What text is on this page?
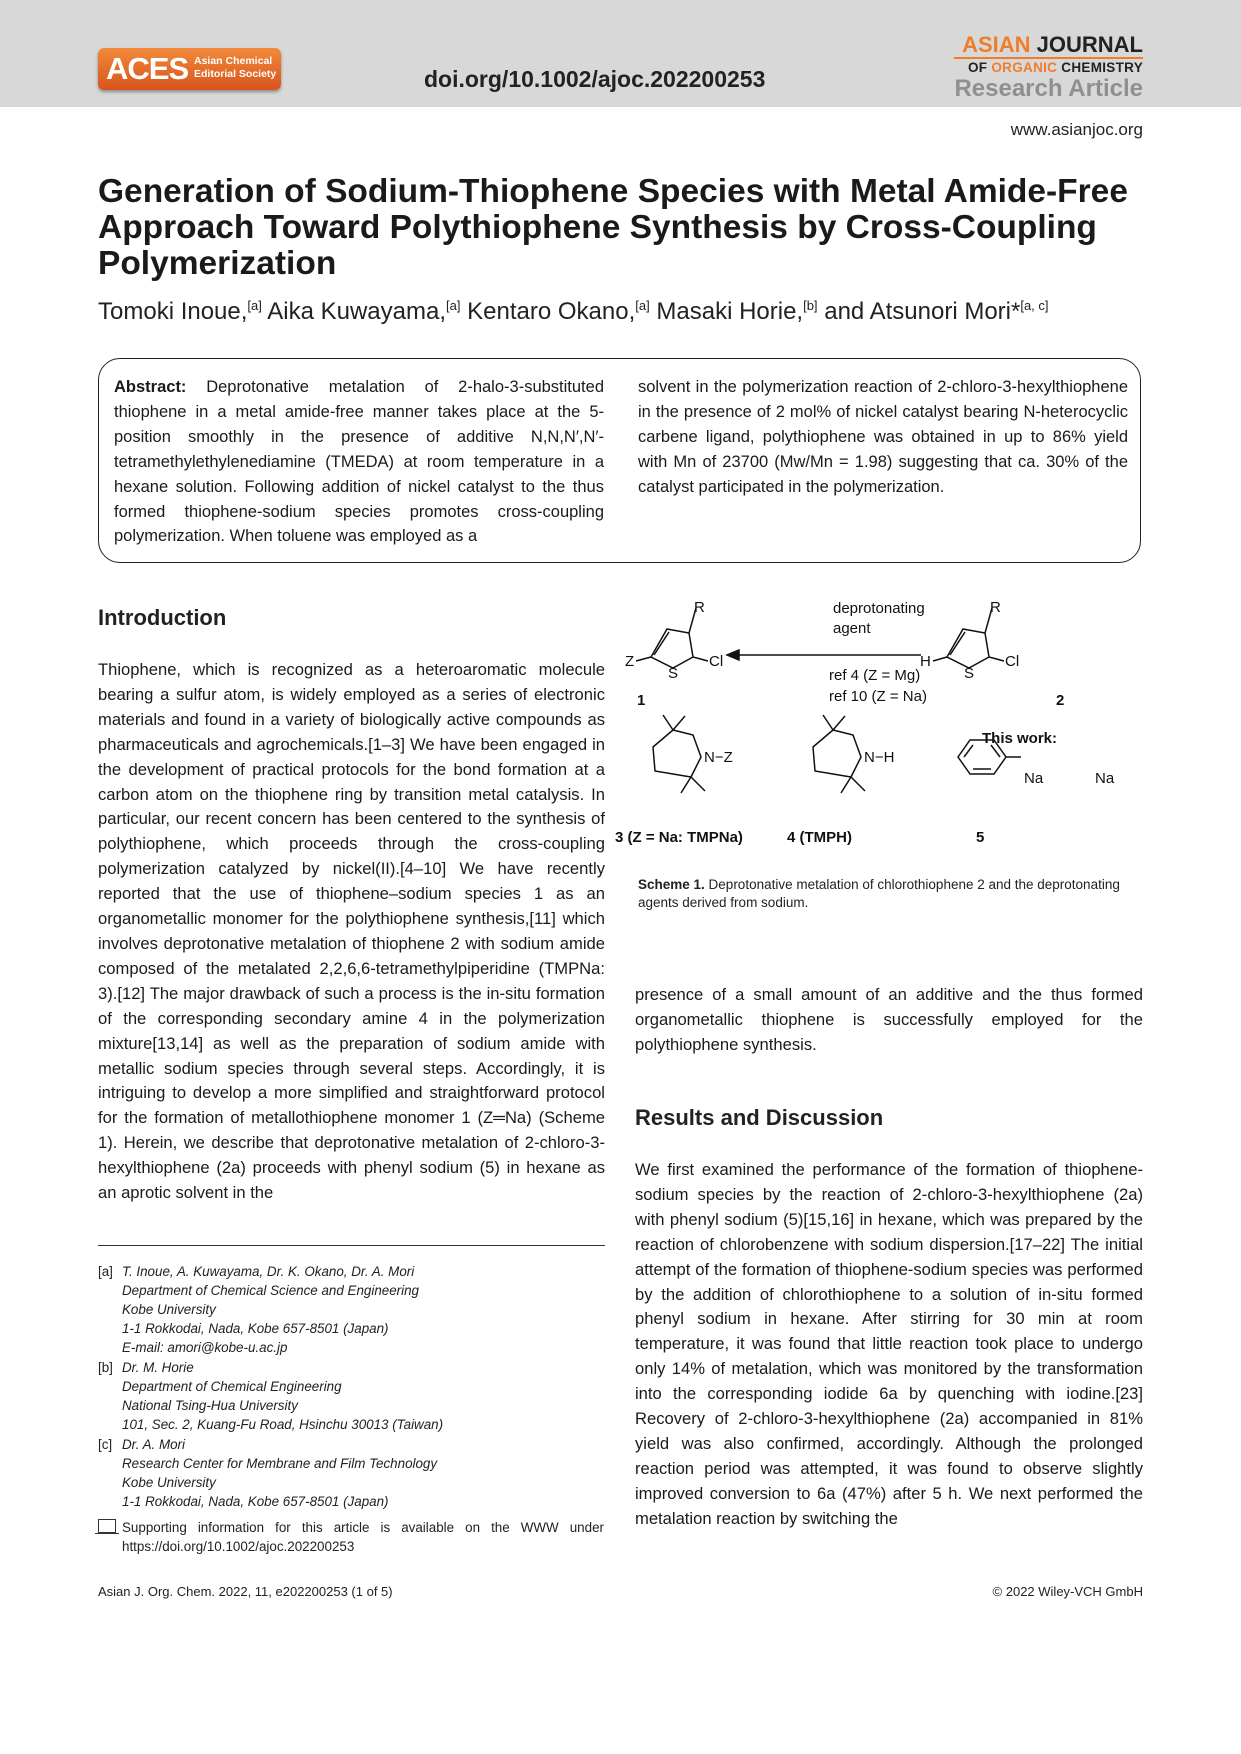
ACES Asian Chemical
Editorial Society	doi.org/10.1002/ajoc.202200253
ASIAN JOURNAL
OF ORGANIC CHEMISTRY
Research Article
www.asianjoc.org
Generation of Sodium-Thiophene Species with Metal Amide-Free Approach Toward Polythiophene Synthesis by Cross-Coupling Polymerization
Tomoki Inoue,[a] Aika Kuwayama,[a] Kentaro Okano,[a] Masaki Horie,[b] and Atsunori Mori*[a, c]

Abstract: Deprotonative metalation of 2-halo-3-substituted thiophene in a metal amide-free manner takes place at the 5-position smoothly in the presence of additive N,N,N′,N′-tetramethylethylenediamine (TMEDA) at room temperature in a hexane solution. Following addition of nickel catalyst to the thus formed thiophene-sodium species promotes cross-coupling polymerization. When toluene was employed as a

solvent in the polymerization reaction of 2-chloro-3-hexylthiophene in the presence of 2 mol% of nickel catalyst bearing N-heterocyclic carbene ligand, polythiophene was obtained in up to 86% yield with Mn of 23700 (Mw/Mn = 1.98) suggesting that ca. 30% of the catalyst participated in the polymerization.

Introduction

Thiophene, which is recognized as a heteroaromatic molecule bearing a sulfur atom, is widely employed as a series of electronic materials and found in a variety of biologically active compounds as pharmaceuticals and agrochemicals.[1–3] We have been engaged in the development of practical protocols for the bond formation at a carbon atom on the thiophene ring by transition metal catalysis. In particular, our recent concern has been centered to the synthesis of polythiophene, which proceeds through the cross-coupling polymerization catalyzed by nickel(II).[4–10] We have recently reported that the use of thiophene–sodium species 1 as an organometallic monomer for the polythiophene synthesis,[11] which involves deprotonative metalation of thiophene 2 with sodium amide composed of the metalated 2,2,6,6-tetramethylpiperidine (TMPNa: 3).[12] The major drawback of such a process is the in-situ formation of the corresponding secondary amine 4 in the polymerization mixture[13,14] as well as the preparation of sodium amide with metallic sodium species through several steps. Accordingly, it is intriguing to develop a more simplified and straightforward protocol for the formation of metallothiophene monomer 1 (Z═Na) (Scheme 1). Herein, we describe that deprotonative metalation of 2-chloro-3-hexylthiophene (2a) proceeds with phenyl sodium (5) in hexane as an aprotic solvent in the

R
Z
S
Cl
R
H
S
Cl
deprotonating
agent
ref 4 (Z = Mg)
ref 10 (Z = Na)
1	2
This work:
N−Z	N−H
Na	Na
3 (Z = Na: TMPNa)	4 (TMPH)	5

Scheme 1. Deprotonative metalation of chlorothiophene 2 and the deprotonating agents derived from sodium.

presence of a small amount of an additive and the thus formed organometallic thiophene is successfully employed for the polythiophene synthesis.

Results and Discussion

We first examined the performance of the formation of thiophene-sodium species by the reaction of 2-chloro-3-hexylthiophene (2a) with phenyl sodium (5)[15,16] in hexane, which was prepared by the reaction of chlorobenzene with sodium dispersion.[17–22] The initial attempt of the formation of thiophene-sodium species was performed by the addition of chlorothiophene to a solution of in-situ formed phenyl sodium in hexane. After stirring for 30 min at room temperature, it was found that little reaction took place to undergo only 14% of metalation, which was monitored by the transformation into the corresponding iodide 6a by quenching with iodine.[23] Recovery of 2-chloro-3-hexylthiophene (2a) accompanied in 81% yield was also confirmed, accordingly. Although the prolonged reaction period was attempted, it was found to observe slightly improved conversion to 6a (47%) after 5 h. We next performed the metalation reaction by switching the

[a] T. Inoue, A. Kuwayama, Dr. K. Okano, Dr. A. Mori
Department of Chemical Science and Engineering
Kobe University
1-1 Rokkodai, Nada, Kobe 657-8501 (Japan)
E-mail: amori@kobe-u.ac.jp
[b] Dr. M. Horie
Department of Chemical Engineering
National Tsing-Hua University
101, Sec. 2, Kuang-Fu Road, Hsinchu 30013 (Taiwan)
[c] Dr. A. Mori
Research Center for Membrane and Film Technology
Kobe University
1-1 Rokkodai, Nada, Kobe 657-8501 (Japan)
Supporting information for this article is available on the WWW under https://doi.org/10.1002/ajoc.202200253
Asian J. Org. Chem. 2022, 11, e202200253 (1 of 5)	© 2022 Wiley-VCH GmbH
